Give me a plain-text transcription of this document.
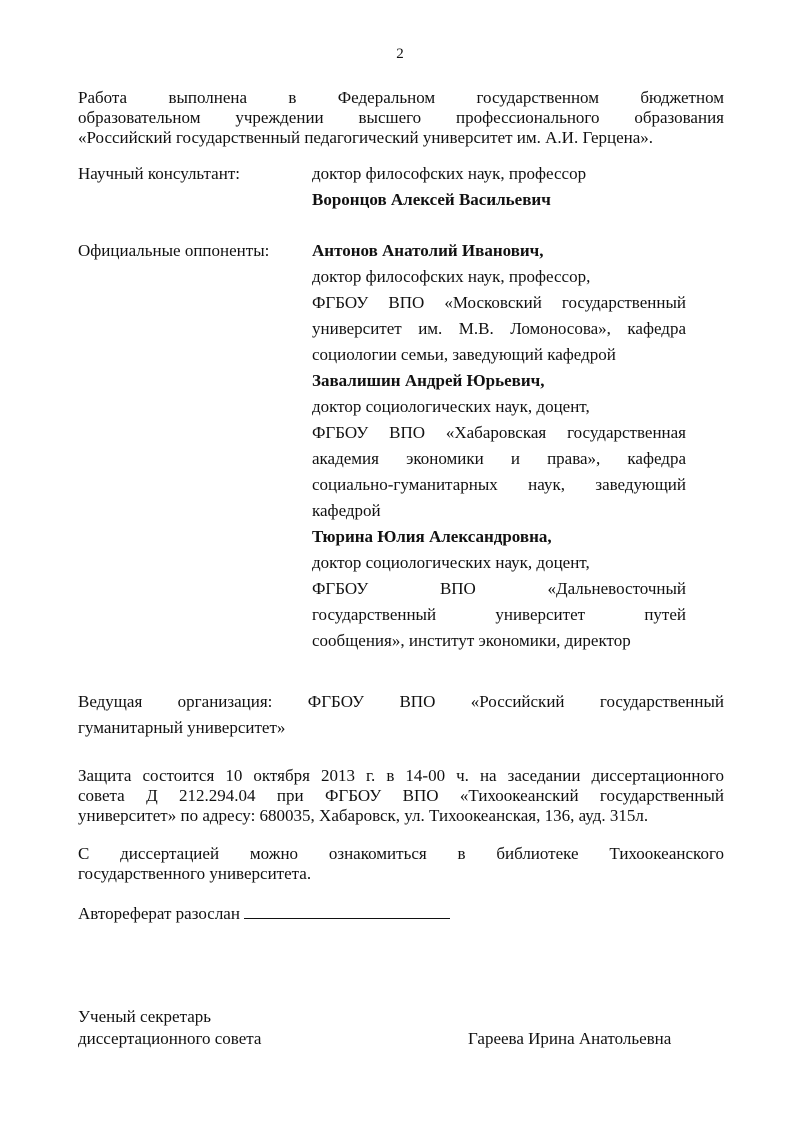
2
Работа выполнена в Федеральном государственном бюджетном
образовательном учреждении высшего профессионального образования
«Российский государственный педагогический университет им. А.И. Герцена».
Научный консультант:	доктор философских наук, профессор
Воронцов Алексей Васильевич
Официальные оппоненты:	Антонов Анатолий Иванович,
доктор философских наук, профессор,
ФГБОУ ВПО «Московский государственный
университет им. М.В. Ломоносова», кафедра
социологии семьи, заведующий кафедрой
Завалишин Андрей Юрьевич,
доктор социологических наук, доцент,
ФГБОУ ВПО «Хабаровская государственная
академия экономики и права», кафедра
социально-гуманитарных наук, заведующий
кафедрой
Тюрина Юлия Александровна,
доктор социологических наук, доцент,
ФГБОУ ВПО «Дальневосточный
государственный университет путей
сообщения», институт экономики, директор
Ведущая организация: ФГБОУ ВПО «Российский государственный
гуманитарный университет»
Защита состоится 10 октября 2013 г. в 14-00 ч. на заседании диссертационного
совета Д 212.294.04 при ФГБОУ ВПО «Тихоокеанский государственный
университет» по адресу: 680035, Хабаровск, ул. Тихоокеанская, 136, ауд. 315л.
С диссертацией можно ознакомиться в библиотеке Тихоокеанского
государственного университета.
Автореферат разослан
Ученый секретарь
диссертационного совета	Гареева Ирина Анатольевна
